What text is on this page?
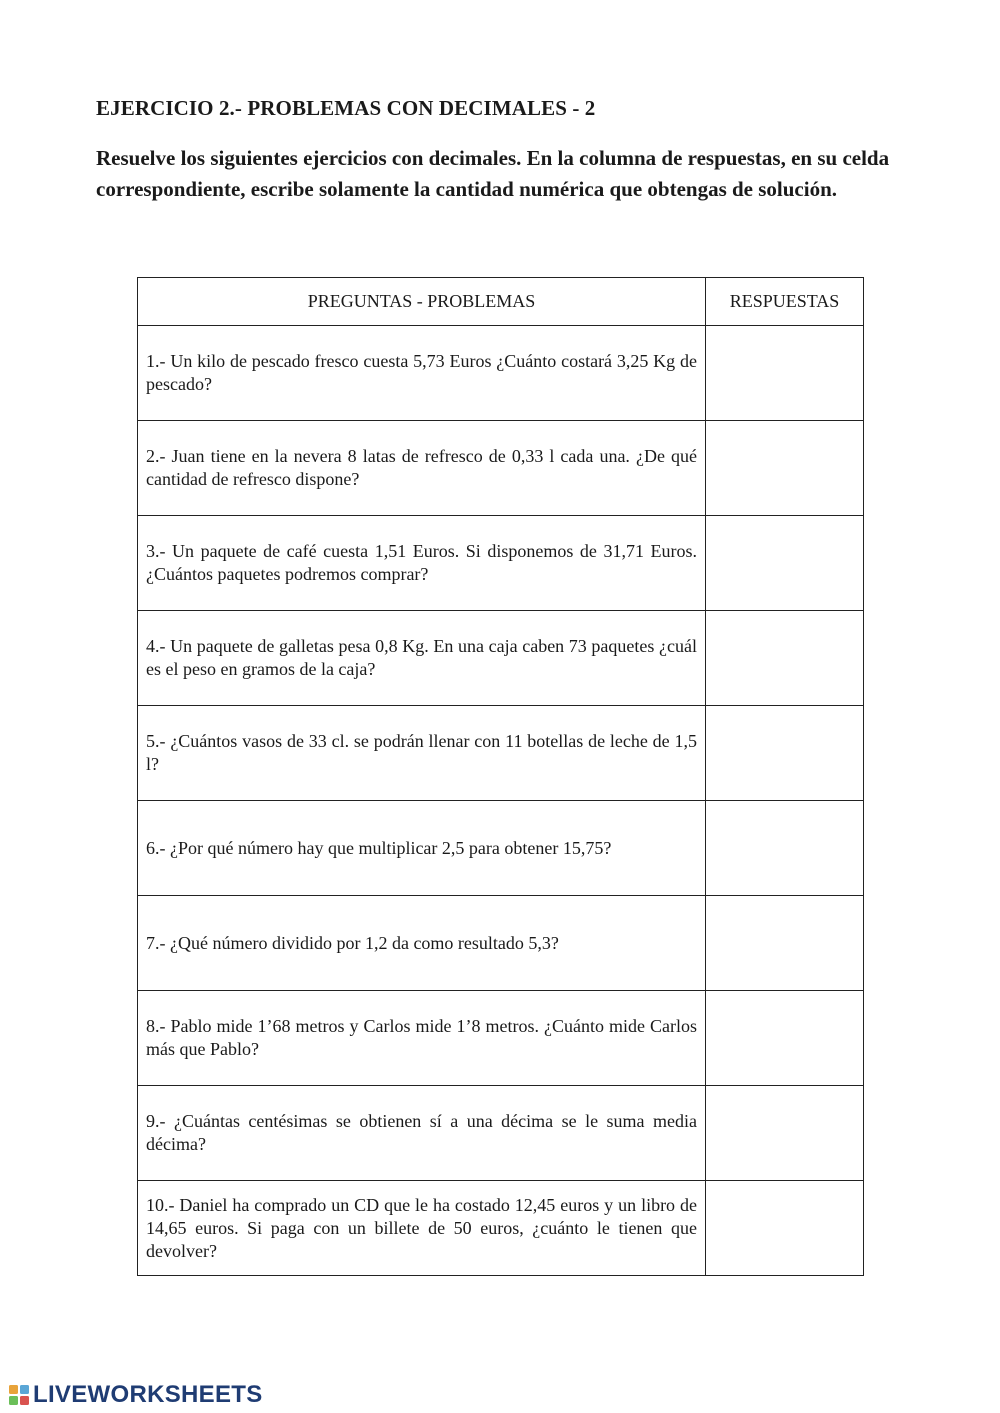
EJERCICIO 2.- PROBLEMAS CON DECIMALES - 2
Resuelve los siguientes ejercicios con decimales. En la columna de respuestas, en su celda correspondiente, escribe solamente la cantidad numérica que obtengas de solución.
PREGUNTAS - PROBLEMAS	RESPUESTAS
1.- Un kilo de pescado fresco cuesta 5,73 Euros ¿Cuánto costará 3,25 Kg de pescado?	
2.- Juan tiene en la nevera 8 latas de refresco de 0,33 l cada una. ¿De qué cantidad de refresco dispone?	
3.- Un paquete de café cuesta 1,51 Euros. Si disponemos de 31,71 Euros. ¿Cuántos paquetes podremos comprar?	
4.- Un paquete de galletas pesa 0,8 Kg. En una caja caben 73 paquetes ¿cuál es el peso en gramos de la caja?	
5.- ¿Cuántos vasos de 33 cl. se podrán llenar con 11 botellas de leche de 1,5 l?	
6.- ¿Por qué número hay que multiplicar 2,5 para obtener 15,75?	
7.- ¿Qué número dividido por 1,2 da como resultado 5,3?	
8.- Pablo mide 1’68 metros y Carlos mide 1’8 metros. ¿Cuánto mide Carlos más que Pablo?	
9.- ¿Cuántas centésimas se obtienen sí a una décima se le suma media décima?	
10.- Daniel ha comprado un CD que le ha costado 12,45 euros y un libro de 14,65 euros. Si paga con un billete de 50 euros, ¿cuánto le tienen que devolver?	
LIVEWORKSHEETS
